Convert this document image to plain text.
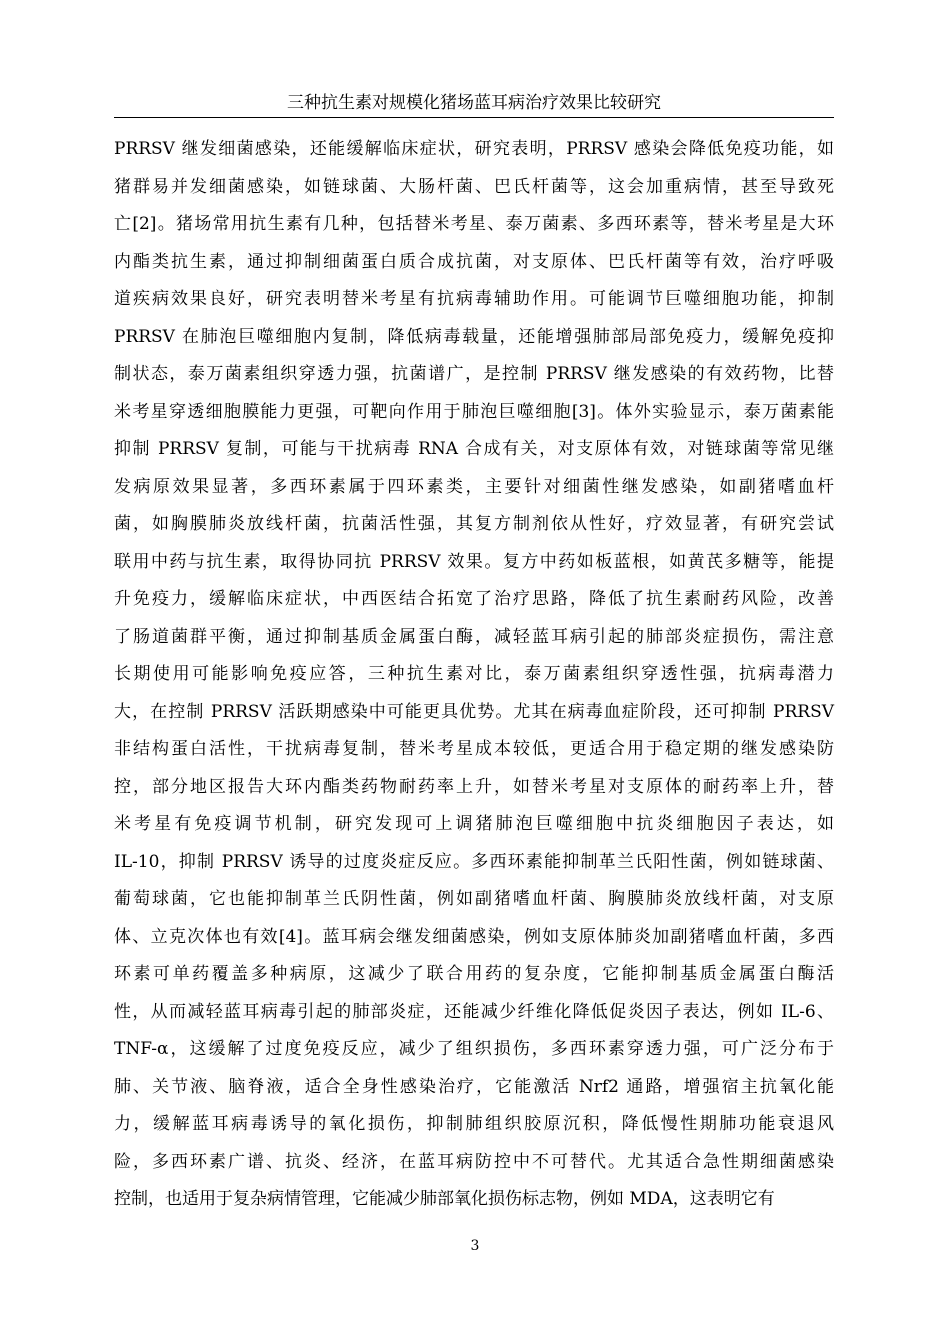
三种抗生素对规模化猪场蓝耳病治疗效果比较研究
PRRSV 继发细菌感染，还能缓解临床症状，研究表明，PRRSV 感染会降低免疫功能，如
猪群易并发细菌感染，如链球菌、大肠杆菌、巴氏杆菌等，这会加重病情，甚至导致死
亡[2]。猪场常用抗生素有几种，包括替米考星、泰万菌素、多西环素等，替米考星是大环
内酯类抗生素，通过抑制细菌蛋白质合成抗菌，对支原体、巴氏杆菌等有效，治疗呼吸
道疾病效果良好，研究表明替米考星有抗病毒辅助作用。可能调节巨噬细胞功能，抑制
PRRSV 在肺泡巨噬细胞内复制，降低病毒载量，还能增强肺部局部免疫力，缓解免疫抑
制状态，泰万菌素组织穿透力强，抗菌谱广，是控制 PRRSV 继发感染的有效药物，比替
米考星穿透细胞膜能力更强，可靶向作用于肺泡巨噬细胞[3]。体外实验显示，泰万菌素能
抑制 PRRSV 复制，可能与干扰病毒 RNA 合成有关，对支原体有效，对链球菌等常见继
发病原效果显著，多西环素属于四环素类，主要针对细菌性继发感染，如副猪嗜血杆
菌，如胸膜肺炎放线杆菌，抗菌活性强，其复方制剂依从性好，疗效显著，有研究尝试
联用中药与抗生素，取得协同抗 PRRSV 效果。复方中药如板蓝根，如黄芪多糖等，能提
升免疫力，缓解临床症状，中西医结合拓宽了治疗思路，降低了抗生素耐药风险，改善
了肠道菌群平衡，通过抑制基质金属蛋白酶，减轻蓝耳病引起的肺部炎症损伤，需注意
长期使用可能影响免疫应答，三种抗生素对比，泰万菌素组织穿透性强，抗病毒潜力
大，在控制 PRRSV 活跃期感染中可能更具优势。尤其在病毒血症阶段，还可抑制 PRRSV
非结构蛋白活性，干扰病毒复制，替米考星成本较低，更适合用于稳定期的继发感染防
控，部分地区报告大环内酯类药物耐药率上升，如替米考星对支原体的耐药率上升，替
米考星有免疫调节机制，研究发现可上调猪肺泡巨噬细胞中抗炎细胞因子表达，如
IL-10，抑制 PRRSV 诱导的过度炎症反应。多西环素能抑制革兰氏阳性菌，例如链球菌、
葡萄球菌，它也能抑制革兰氏阴性菌，例如副猪嗜血杆菌、胸膜肺炎放线杆菌，对支原
体、立克次体也有效[4]。蓝耳病会继发细菌感染，例如支原体肺炎加副猪嗜血杆菌，多西
环素可单药覆盖多种病原，这减少了联合用药的复杂度，它能抑制基质金属蛋白酶活
性，从而减轻蓝耳病毒引起的肺部炎症，还能减少纤维化降低促炎因子表达，例如 IL-6、
TNF-α，这缓解了过度免疫反应，减少了组织损伤，多西环素穿透力强，可广泛分布于
肺、关节液、脑脊液，适合全身性感染治疗，它能激活 Nrf2 通路，增强宿主抗氧化能
力，缓解蓝耳病毒诱导的氧化损伤，抑制肺组织胶原沉积，降低慢性期肺功能衰退风
险，多西环素广谱、抗炎、经济，在蓝耳病防控中不可替代。尤其适合急性期细菌感染
控制，也适用于复杂病情管理，它能减少肺部氧化损伤标志物，例如 MDA，这表明它有
3
